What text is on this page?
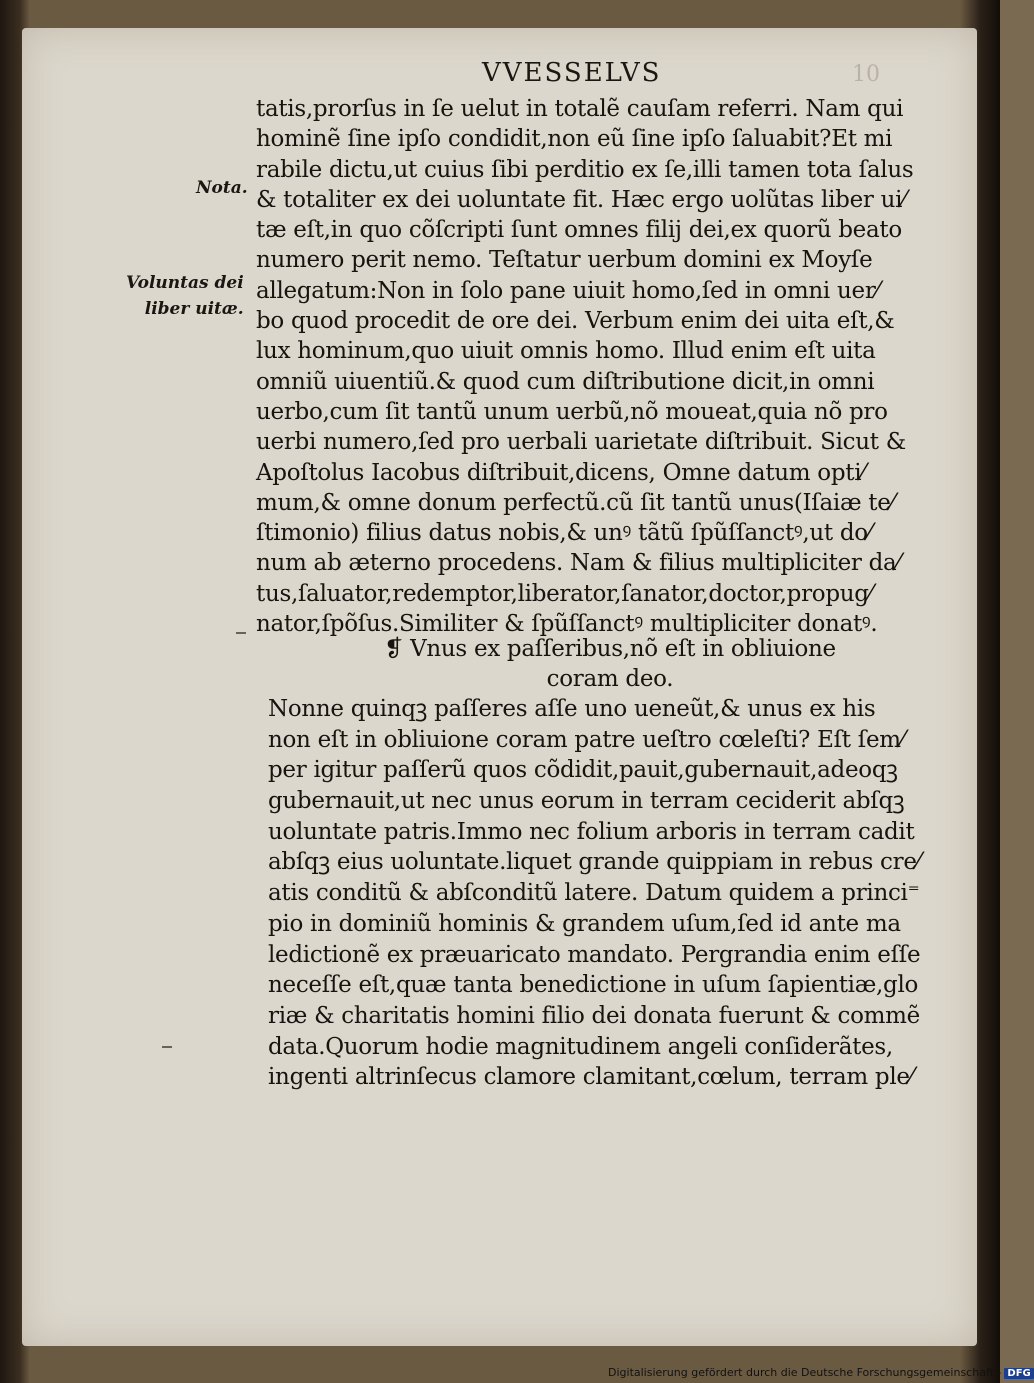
10
VVESSELVS
Nota.
Voluntas dei
liber uitæ.
tatis,prorſus in ſe uelut in totalẽ cauſam referri. Nam qui
hominẽ ſine ipſo condidit,non eũ ſine ipſo ſaluabit?Et mi
rabile dictu,ut cuius ſibi perditio ex ſe,illi tamen tota ſalus
& totaliter ex dei uoluntate fit. Hæc ergo uolũtas liber ui⁄
tæ eſt,in quo cõſcripti ſunt omnes filij dei,ex quorũ beato
numero perit nemo. Teſtatur uerbum domini ex Moyſe
allegatum:Non in ſolo pane uiuit homo,ſed in omni uer⁄
bo quod procedit de ore dei. Verbum enim dei uita eſt,&
lux hominum,quo uiuit omnis homo. Illud enim eſt uita
omniũ uiuentiũ.& quod cum diſtributione dicit,in omni
uerbo,cum ſit tantũ unum uerbũ,nõ moueat,quia nõ pro
uerbi numero,ſed pro uerbali uarietate diſtribuit. Sicut &
Apoſtolus Iacobus diſtribuit,dicens, Omne datum opti⁄
mum,& omne donum perfectũ.cũ ſit tantũ unus(Iſaiæ te⁄
ſtimonio) filius datus nobis,& unꝰ tãtũ ſpũſſanctꝰ,ut do⁄
num ab æterno procedens. Nam & filius multipliciter da⁄
tus,ſaluator,redemptor,liberator,ſanator,doctor,propug⁄
nator,ſpõſus.Similiter & ſpũſſanctꝰ multipliciter donatꝰ.
❡ Vnus ex paſſeribus,nõ eſt in obliuione
coram deo.
Nonne quinqꝫ paſſeres aſſe uno ueneũt,& unus ex his
non eſt in obliuione coram patre ueſtro cœleſti? Eſt ſem⁄
per igitur paſſerũ quos cõdidit,pauit,gubernauit,adeoqꝫ
gubernauit,ut nec unus eorum in terram ceciderit abſqꝫ
uoluntate patris.Immo nec folium arboris in terram cadit
abſqꝫ eius uoluntate.liquet grande quippiam in rebus cre⁄
atis conditũ & abſconditũ latere. Datum quidem a princi⁼
pio in dominiũ hominis & grandem uſum,ſed id ante ma
ledictionẽ ex præuaricato mandato. Pergrandia enim eſſe
neceſſe eſt,quæ tanta benedictione in uſum ſapientiæ,glo
riæ & charitatis homini filio dei donata fuerunt & commẽ
data.Quorum hodie magnitudinem angeli conſiderãtes,
ingenti altrinſecus clamore clamitant,cœlum, terram ple⁄
Digitalisierung gefördert durch die Deutsche Forschungsgemeinschaft - DFG
